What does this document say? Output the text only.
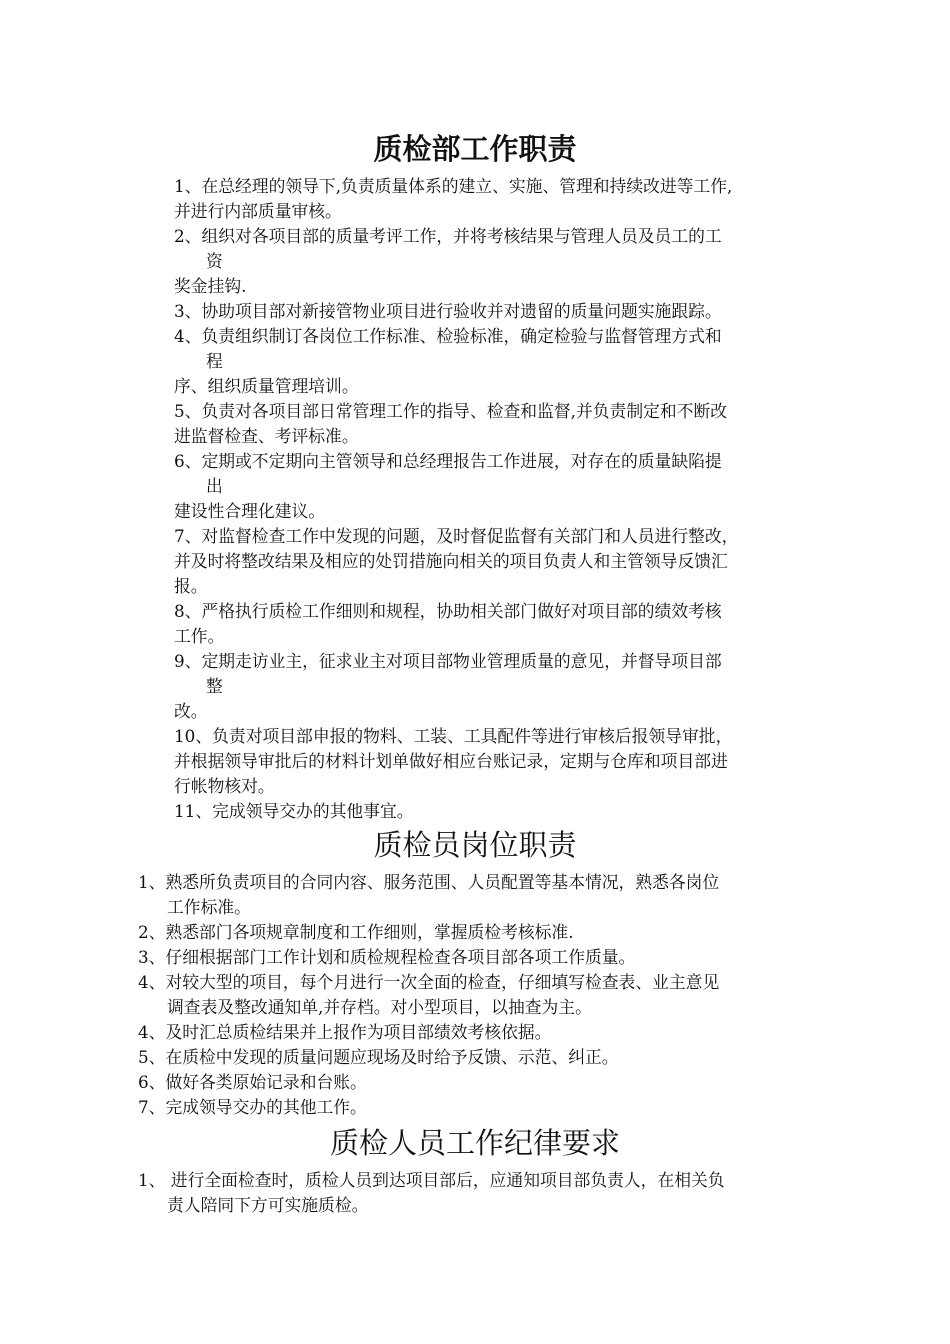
质检部工作职责
1、在总经理的领导下,负责质量体系的建立、实施、管理和持续改进等工作,
并进行内部质量审核。
2、组织对各项目部的质量考评工作，并将考核结果与管理人员及员工的工
资
奖金挂钩.
3、协助项目部对新接管物业项目进行验收并对遗留的质量问题实施跟踪。
4、负责组织制订各岗位工作标准、检验标准，确定检验与监督管理方式和
程
序、组织质量管理培训。
5、负责对各项目部日常管理工作的指导、检查和监督,并负责制定和不断改
进监督检查、考评标准。
6、定期或不定期向主管领导和总经理报告工作进展，对存在的质量缺陷提
出
建设性合理化建议。
7、对监督检查工作中发现的问题，及时督促监督有关部门和人员进行整改，
并及时将整改结果及相应的处罚措施向相关的项目负责人和主管领导反馈汇
报。
8、严格执行质检工作细则和规程，协助相关部门做好对项目部的绩效考核
工作。
9、定期走访业主，征求业主对项目部物业管理质量的意见，并督导项目部
整
改。
10、负责对项目部申报的物料、工装、工具配件等进行审核后报领导审批，
并根据领导审批后的材料计划单做好相应台账记录，定期与仓库和项目部进
行帐物核对。
11、完成领导交办的其他事宜。
质检员岗位职责
1、熟悉所负责项目的合同内容、服务范围、人员配置等基本情况，熟悉各岗位
工作标准。
2、熟悉部门各项规章制度和工作细则，掌握质检考核标准.
3、仔细根据部门工作计划和质检规程检查各项目部各项工作质量。
4、对较大型的项目，每个月进行一次全面的检查，仔细填写检查表、业主意见
调查表及整改通知单,并存档。对小型项目，以抽查为主。
4、及时汇总质检结果并上报作为项目部绩效考核依据。
5、在质检中发现的质量问题应现场及时给予反馈、示范、纠正。
6、做好各类原始记录和台账。
7、完成领导交办的其他工作。
质检人员工作纪律要求
1、 进行全面检查时，质检人员到达项目部后，应通知项目部负责人，在相关负
责人陪同下方可实施质检。
